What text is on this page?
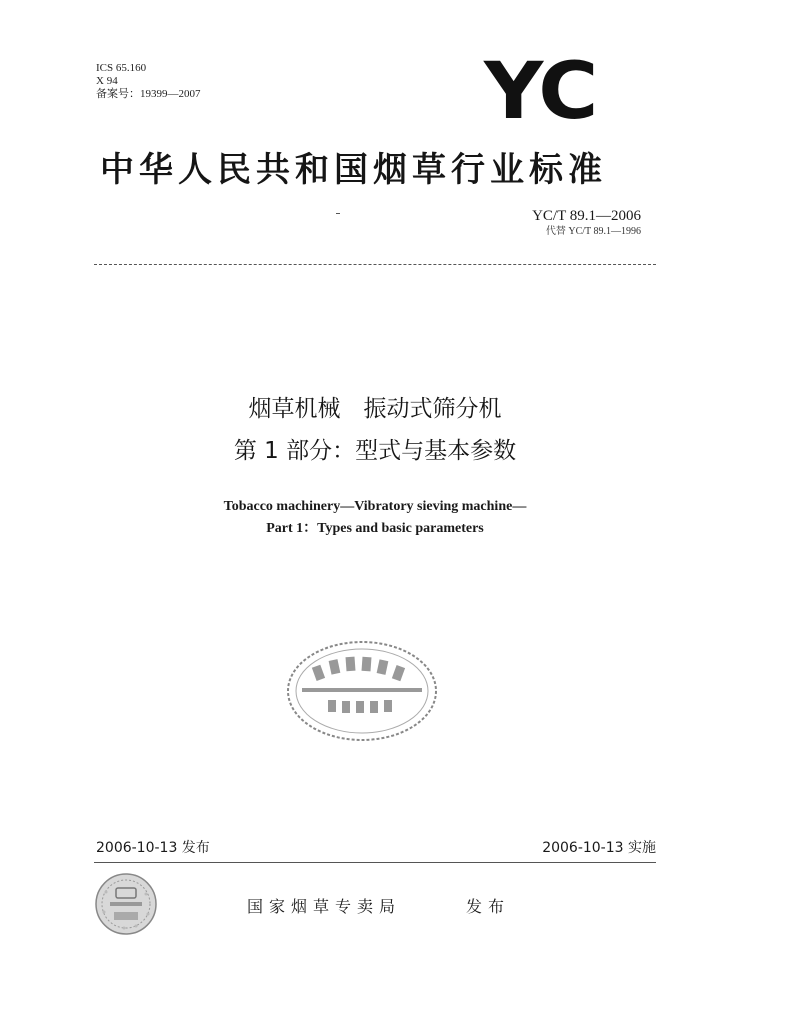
ICS 65.160
X 94
备案号：19399—2007	YC
中华人民共和国烟草行业标准
YC/T 89.1—2006
代替 YC/T 89.1—1996
烟草机械　振动式筛分机
第 1 部分：型式与基本参数
Tobacco machinery—Vibratory sieving machine—
Part 1：Types and basic parameters
2006-10-13 发布	2006-10-13 实施
国家烟草专卖局	发布
